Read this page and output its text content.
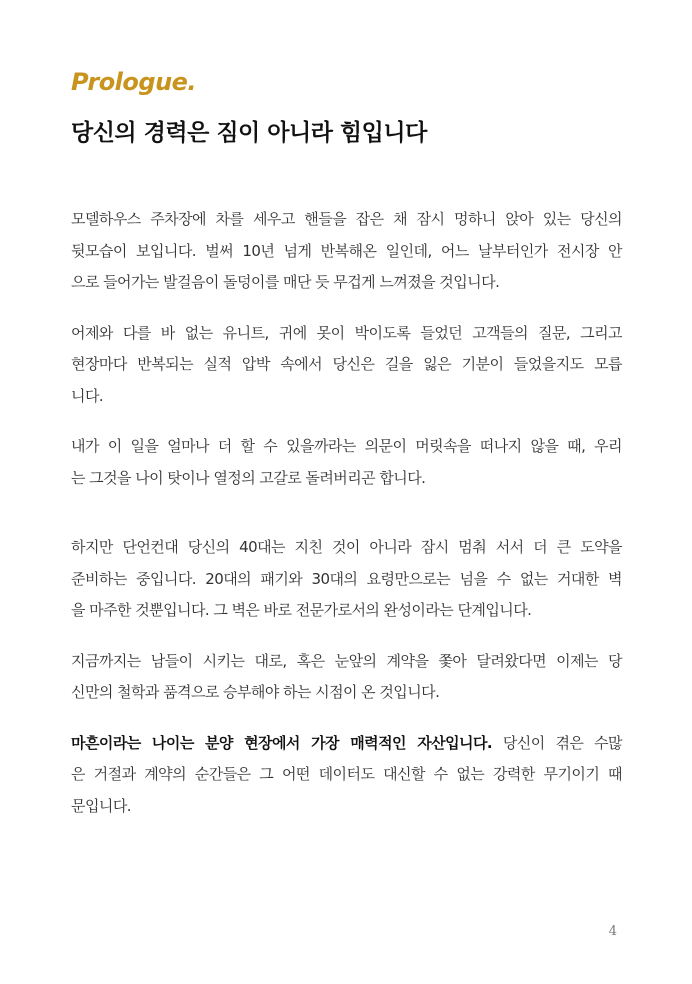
Prologue.
당신의 경력은 짐이 아니라 힘입니다

모델하우스 주차장에 차를 세우고 핸들을 잡은 채 잠시 멍하니 앉아 있는 당신의
뒷모습이 보입니다. 벌써 10년 넘게 반복해온 일인데, 어느 날부터인가 전시장 안
으로 들어가는 발걸음이 돌덩이를 매단 듯 무겁게 느껴졌을 것입니다.

어제와 다를 바 없는 유니트, 귀에 못이 박이도록 들었던 고객들의 질문, 그리고
현장마다 반복되는 실적 압박 속에서 당신은 길을 잃은 기분이 들었을지도 모릅
니다.

내가 이 일을 얼마나 더 할 수 있을까라는 의문이 머릿속을 떠나지 않을 때, 우리
는 그것을 나이 탓이나 열정의 고갈로 돌려버리곤 합니다.

하지만 단언컨대 당신의 40대는 지친 것이 아니라 잠시 멈춰 서서 더 큰 도약을
준비하는 중입니다. 20대의 패기와 30대의 요령만으로는 넘을 수 없는 거대한 벽
을 마주한 것뿐입니다. 그 벽은 바로 전문가로서의 완성이라는 단계입니다.

지금까지는 남들이 시키는 대로, 혹은 눈앞의 계약을 쫓아 달려왔다면 이제는 당
신만의 철학과 품격으로 승부해야 하는 시점이 온 것입니다.

마흔이라는 나이는 분양 현장에서 가장 매력적인 자산입니다. 당신이 겪은 수많
은 거절과 계약의 순간들은 그 어떤 데이터도 대신할 수 없는 강력한 무기이기 때
문입니다.

4
